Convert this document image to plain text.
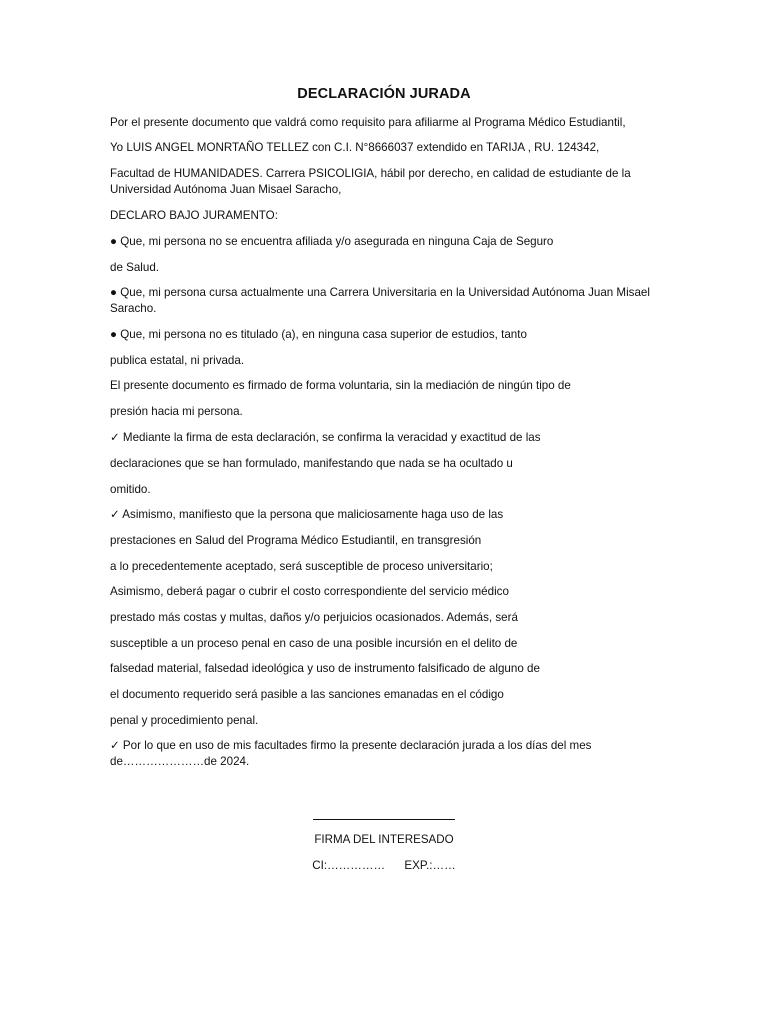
DECLARACIÓN JURADA
Por el presente documento que valdrá como requisito para afiliarme al Programa Médico Estudiantil,
Yo LUIS ANGEL MONRTAÑO TELLEZ con C.I. N°8666037 extendido en TARIJA , RU. 124342,
Facultad de HUMANIDADES. Carrera PSICOLIGIA, hábil por derecho, en calidad de estudiante de la Universidad Autónoma Juan Misael Saracho,
DECLARO BAJO JURAMENTO:
● Que, mi persona no se encuentra afiliada y/o asegurada en ninguna Caja de Seguro
de Salud.
● Que, mi persona cursa actualmente una Carrera Universitaria en la Universidad Autónoma Juan Misael Saracho.
● Que, mi persona no es titulado (a), en ninguna casa superior de estudios, tanto
publica estatal, ni privada.
El presente documento es firmado de forma voluntaria, sin la mediación de ningún tipo de
presión hacia mi persona.
✓ Mediante la firma de esta declaración, se confirma la veracidad y exactitud de las
declaraciones que se han formulado, manifestando que nada se ha ocultado u
omitido.
✓ Asimismo, manifiesto que la persona que maliciosamente haga uso de las
prestaciones en Salud del Programa Médico Estudiantil, en transgresión
a lo precedentemente aceptado, será susceptible de proceso universitario;
Asimismo, deberá pagar o cubrir el costo correspondiente del servicio médico
prestado más costas y multas, daños y/o perjuicios ocasionados. Además, será
susceptible a un proceso penal en caso de una posible incursión en el delito de
falsedad material, falsedad ideológica y uso de instrumento falsificado de alguno de
el documento requerido será pasible a las sanciones emanadas en el código
penal y procedimiento penal.
✓ Por lo que en uso de mis facultades firmo la presente declaración jurada a los días del mes de…………………de 2024.
FIRMA DEL INTERESADO
CI:……………      EXP.:……
